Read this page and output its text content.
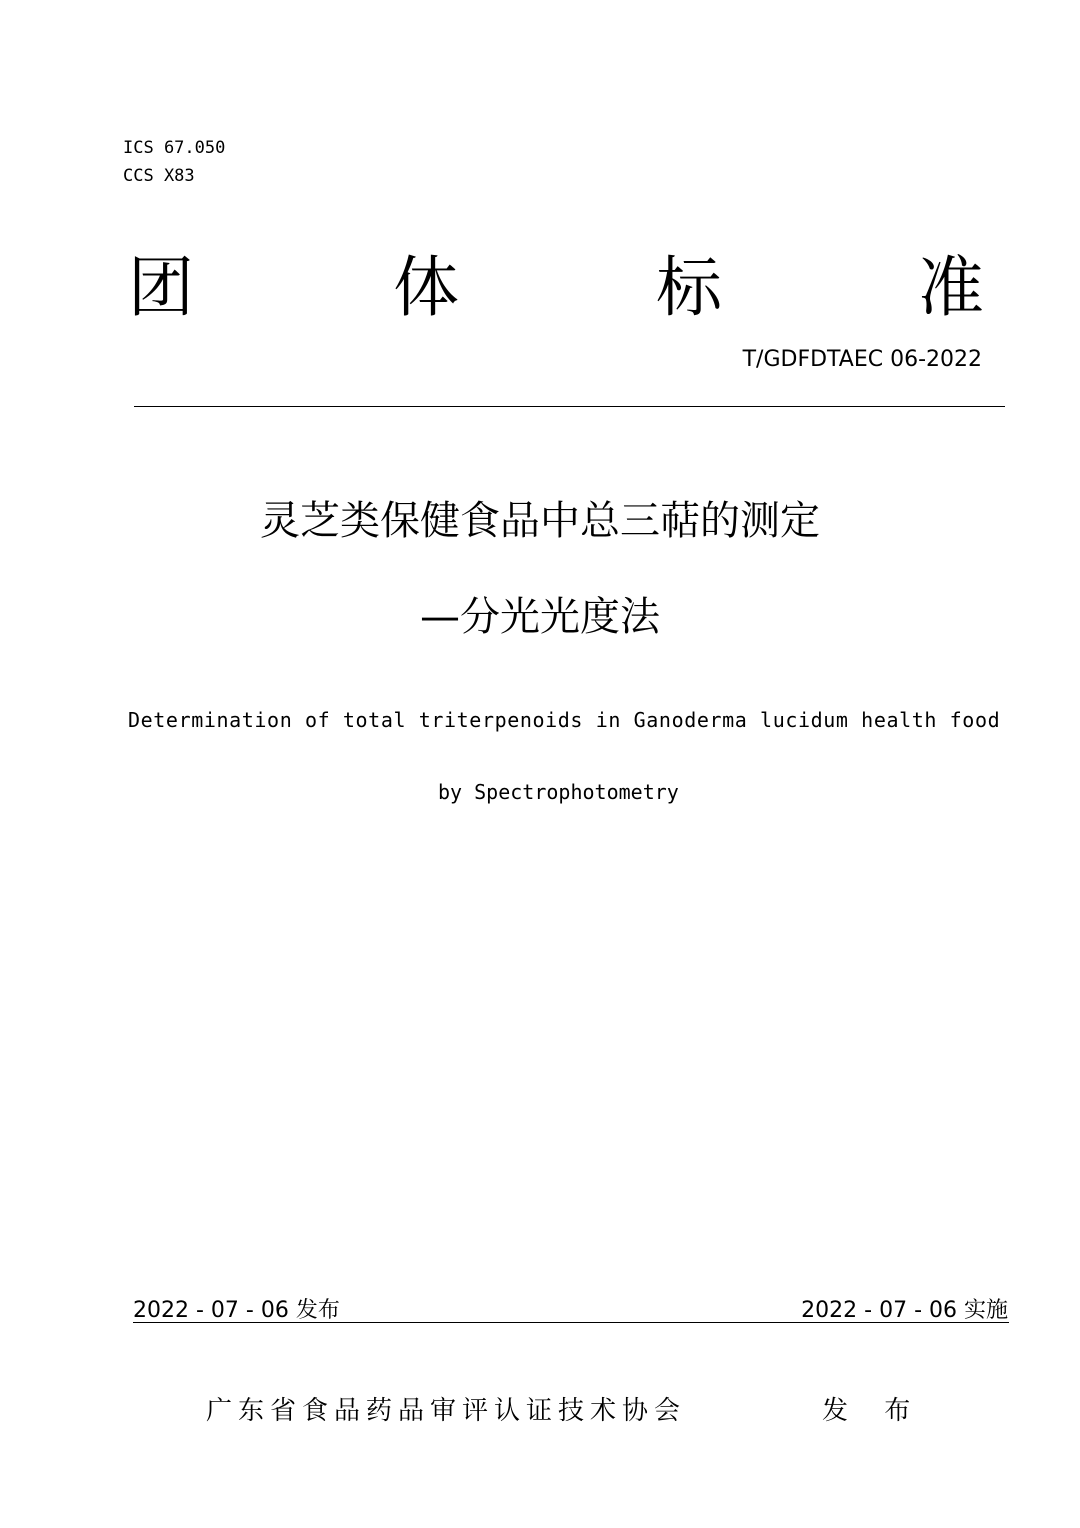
ICS 67.050
CCS X83
团	体	标	准
T/GDFDTAEC 06-2022
灵芝类保健食品中总三萜的测定
—分光光度法
Determination of total triterpenoids in Ganoderma lucidum health food
by Spectrophotometry
2022 - 07 - 06 发布	2022 - 07 - 06 实施
广东省食品药品审评认证技术协会	发 布
